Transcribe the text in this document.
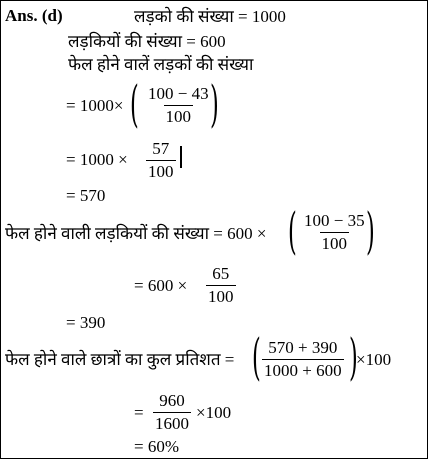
Ans. (d)	लड़को की संख्या = 1000
लड़कियों की संख्या = 600
फेल होने वालें लड़कों की संख्या
= 1000× ( $\frac{100 - 43}{100}$ )
= $1000 \times \frac{57}{100}$
= 570
फेल होने वाली लड़कियों की संख्या = 600 × ( $\frac{100 - 35}{100}$ )
= $600 \times \frac{65}{100}$
= 390
फेल होने वाले छात्रों का कुल प्रतिशत = ( $\frac{570 + 390}{1000 + 600}$ )
×100
= $\frac{960}{1600} \times 100$
= 60%
